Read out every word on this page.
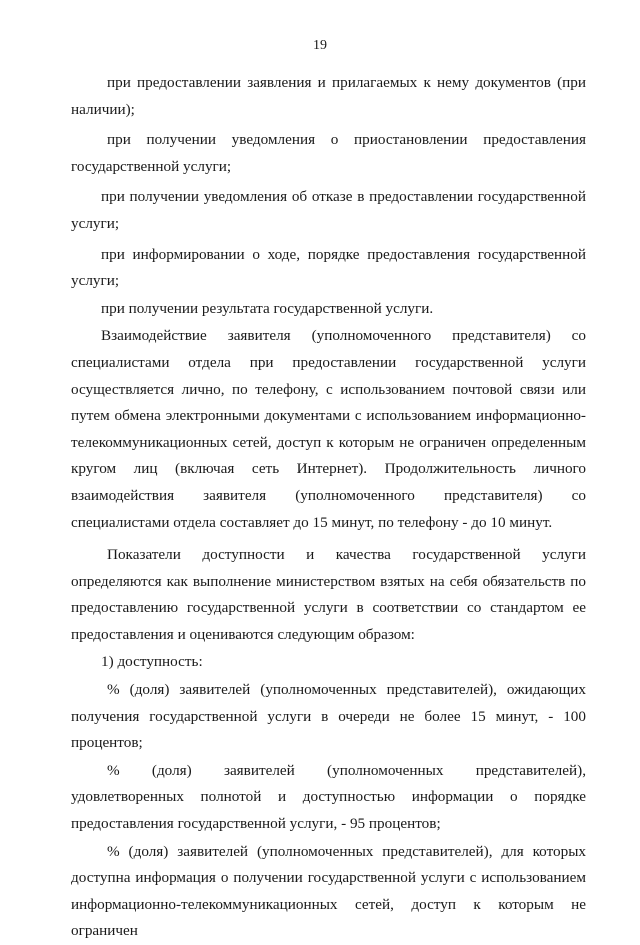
19

при предоставлении заявления и прилагаемых к нему документов (при наличии);

при получении уведомления о приостановлении предоставления государственной услуги;

при получении уведомления об отказе в предоставлении государственной услуги;

при информировании о ходе, порядке предоставления государственной услуги;

при получении результата государственной услуги.

Взаимодействие заявителя (уполномоченного представителя) со специалистами отдела при предоставлении государственной услуги осуществляется лично, по телефону, с использованием почтовой связи или путем обмена электронными документами с использованием информационно-телекоммуникационных сетей, доступ к которым не ограничен определенным кругом лиц (включая сеть Интернет). Продолжительность личного взаимодействия заявителя (уполномоченного представителя) со специалистами отдела составляет до 15 минут, по телефону - до 10 минут.

Показатели доступности и качества государственной услуги определяются как выполнение министерством взятых на себя обязательств по предоставлению государственной услуги в соответствии со стандартом ее предоставления и оцениваются следующим образом:

1) доступность:

% (доля) заявителей (уполномоченных представителей), ожидающих получения государственной услуги в очереди не более 15 минут, - 100 процентов;

% (доля) заявителей (уполномоченных представителей), удовлетворенных полнотой и доступностью информации о порядке предоставления государственной услуги, - 95 процентов;

% (доля) заявителей (уполномоченных представителей), для которых доступна информация о получении государственной услуги с использованием информационно-телекоммуникационных сетей, доступ к которым не ограничен
